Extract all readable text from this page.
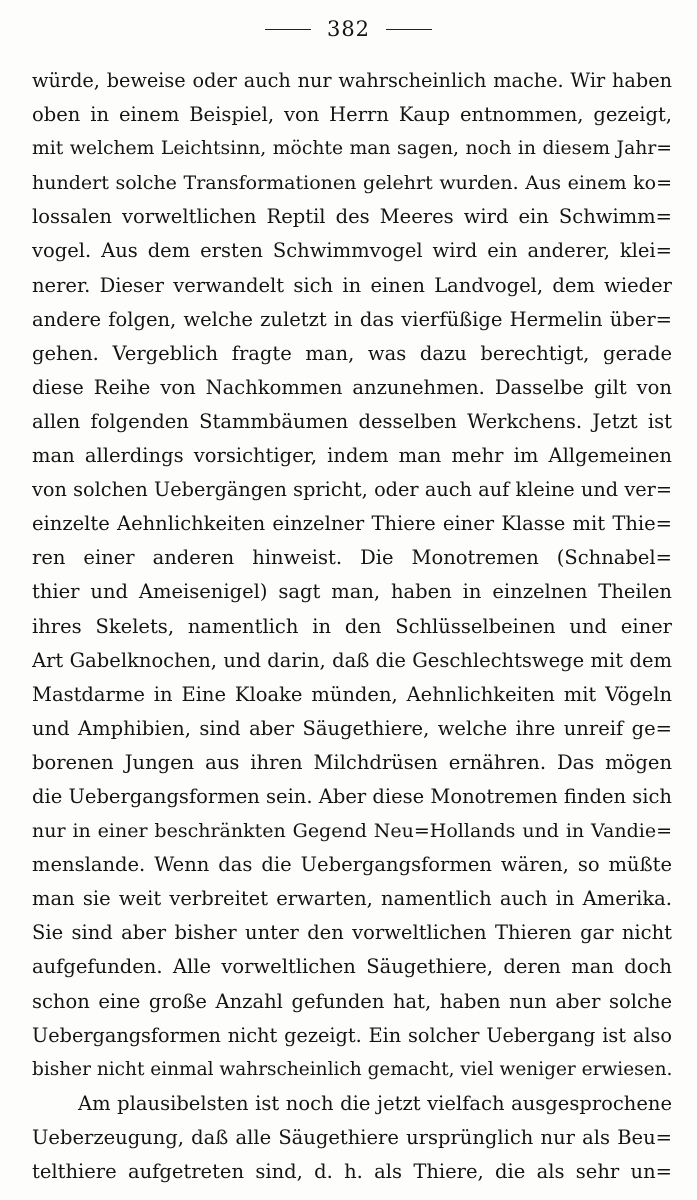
382
würde, beweise oder auch nur wahrscheinlich mache. Wir haben
oben in einem Beispiel, von Herrn Kaup entnommen, gezeigt,
mit welchem Leichtsinn, möchte man sagen, noch in diesem Jahr=
hundert solche Transformationen gelehrt wurden. Aus einem ko=
lossalen vorweltlichen Reptil des Meeres wird ein Schwimm=
vogel. Aus dem ersten Schwimmvogel wird ein anderer, klei=
nerer. Dieser verwandelt sich in einen Landvogel, dem wieder
andere folgen, welche zuletzt in das vierfüßige Hermelin über=
gehen. Vergeblich fragte man, was dazu berechtigt, gerade
diese Reihe von Nachkommen anzunehmen. Dasselbe gilt von
allen folgenden Stammbäumen desselben Werkchens. Jetzt ist
man allerdings vorsichtiger, indem man mehr im Allgemeinen
von solchen Uebergängen spricht, oder auch auf kleine und ver=
einzelte Aehnlichkeiten einzelner Thiere einer Klasse mit Thie=
ren einer anderen hinweist. Die Monotremen (Schnabel=
thier und Ameisenigel) sagt man, haben in einzelnen Theilen
ihres Skelets, namentlich in den Schlüsselbeinen und einer
Art Gabelknochen, und darin, daß die Geschlechtswege mit dem
Mastdarme in Eine Kloake münden, Aehnlichkeiten mit Vögeln
und Amphibien, sind aber Säugethiere, welche ihre unreif ge=
borenen Jungen aus ihren Milchdrüsen ernähren. Das mögen
die Uebergangsformen sein. Aber diese Monotremen finden sich
nur in einer beschränkten Gegend Neu=Hollands und in Vandie=
menslande. Wenn das die Uebergangsformen wären, so müßte
man sie weit verbreitet erwarten, namentlich auch in Amerika.
Sie sind aber bisher unter den vorweltlichen Thieren gar nicht
aufgefunden. Alle vorweltlichen Säugethiere, deren man doch
schon eine große Anzahl gefunden hat, haben nun aber solche
Uebergangsformen nicht gezeigt. Ein solcher Uebergang ist also
bisher nicht einmal wahrscheinlich gemacht, viel weniger erwiesen.
Am plausibelsten ist noch die jetzt vielfach ausgesprochene
Ueberzeugung, daß alle Säugethiere ursprünglich nur als Beu=
telthiere aufgetreten sind, d. h. als Thiere, die als sehr un=
